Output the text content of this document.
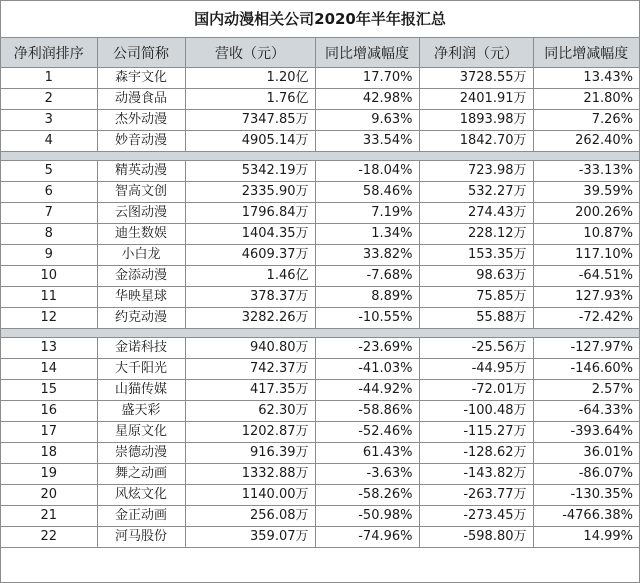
国内动漫相关公司2020年半年报汇总
净利润排序	公司简称	营收（元）	同比增减幅度	净利润（元）	同比增减幅度
1	森宇文化	1.20亿	17.70%	3728.55万	13.43%
2	动漫食品	1.76亿	42.98%	2401.91万	21.80%
3	杰外动漫	7347.85万	9.63%	1893.98万	7.26%
4	妙音动漫	4905.14万	33.54%	1842.70万	262.40%

5	精英动漫	5342.19万	-18.04%	723.98万	-33.13%
6	智高文创	2335.90万	58.46%	532.27万	39.59%
7	云图动漫	1796.84万	7.19%	274.43万	200.26%
8	迪生数娱	1404.35万	1.34%	228.12万	10.87%
9	小白龙	4609.37万	33.82%	153.35万	117.10%
10	金添动漫	1.46亿	-7.68%	98.63万	-64.51%
11	华映星球	378.37万	8.89%	75.85万	127.93%
12	约克动漫	3282.26万	-10.55%	55.88万	-72.42%

13	金诺科技	940.80万	-23.69%	-25.56万	-127.97%
14	大千阳光	742.37万	-41.03%	-44.95万	-146.60%
15	山猫传媒	417.35万	-44.92%	-72.01万	2.57%
16	盛天彩	62.30万	-58.86%	-100.48万	-64.33%
17	星原文化	1202.87万	-52.46%	-115.27万	-393.64%
18	崇德动漫	916.39万	61.43%	-128.62万	36.01%
19	舞之动画	1332.88万	-3.63%	-143.82万	-86.07%
20	风炫文化	1140.00万	-58.26%	-263.77万	-130.35%
21	金正动画	256.08万	-50.98%	-273.45万	-4766.38%
22	河马股份	359.07万	-74.96%	-598.80万	14.99%
